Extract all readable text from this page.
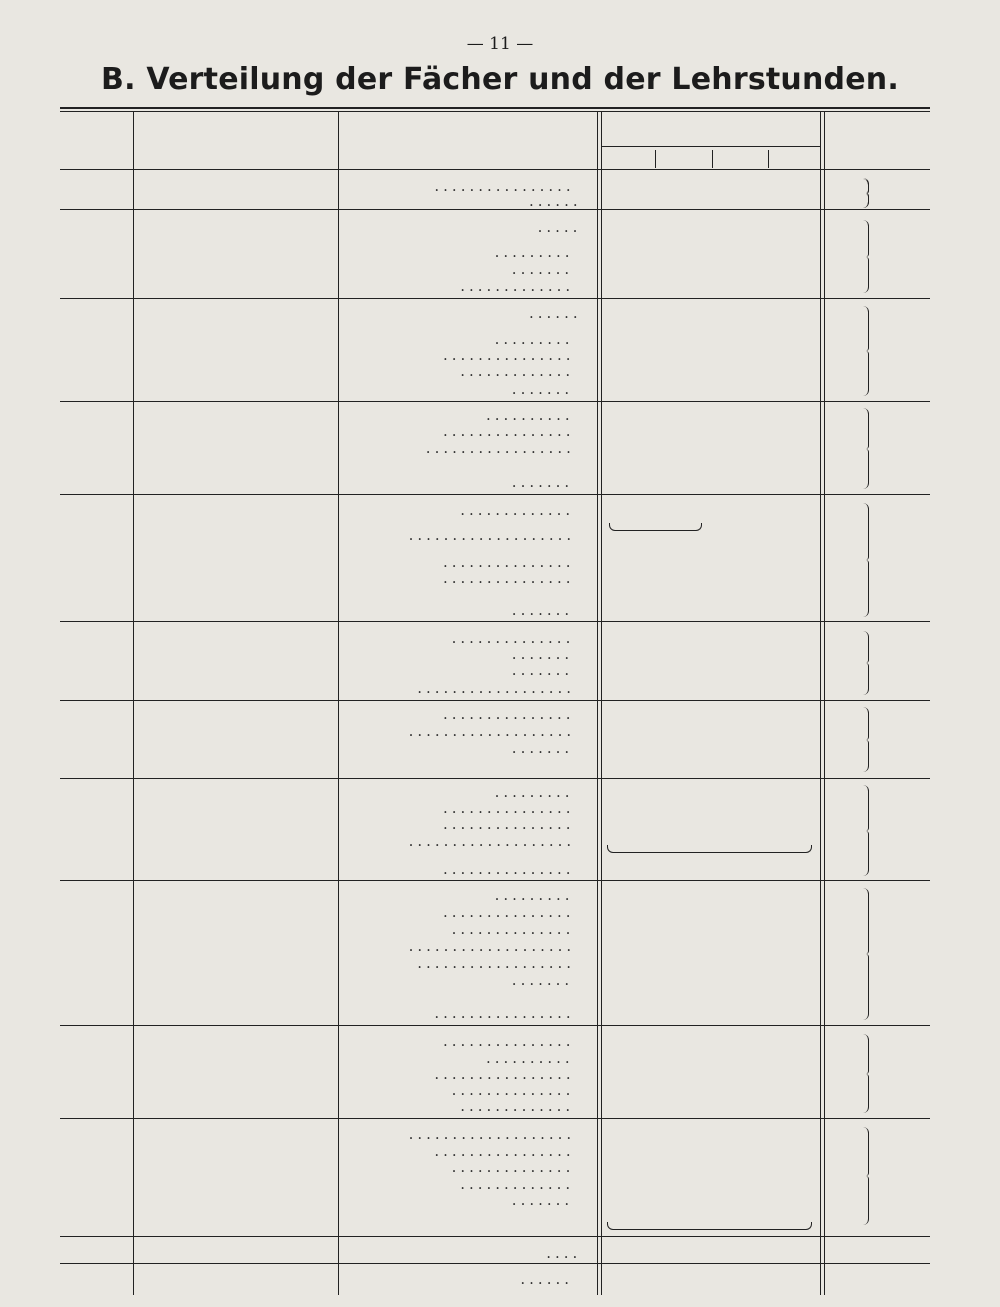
— 11 —
B. Verteilung der Fächer und der Lehrstunden.
................
......
.....
.........
.......
.............
......
.........
...............
.............
.......
..........
...............
.................
.......
.............
...................
...............
...............
.......
..............
.......
.......
..................
...............
...................
.......
.........
...............
...............
...................
...............
.........
...............
..............
...................
..................
.......
................
...............
..........
................
..............
.............
...................
................
..............
.............
.......
....
......
